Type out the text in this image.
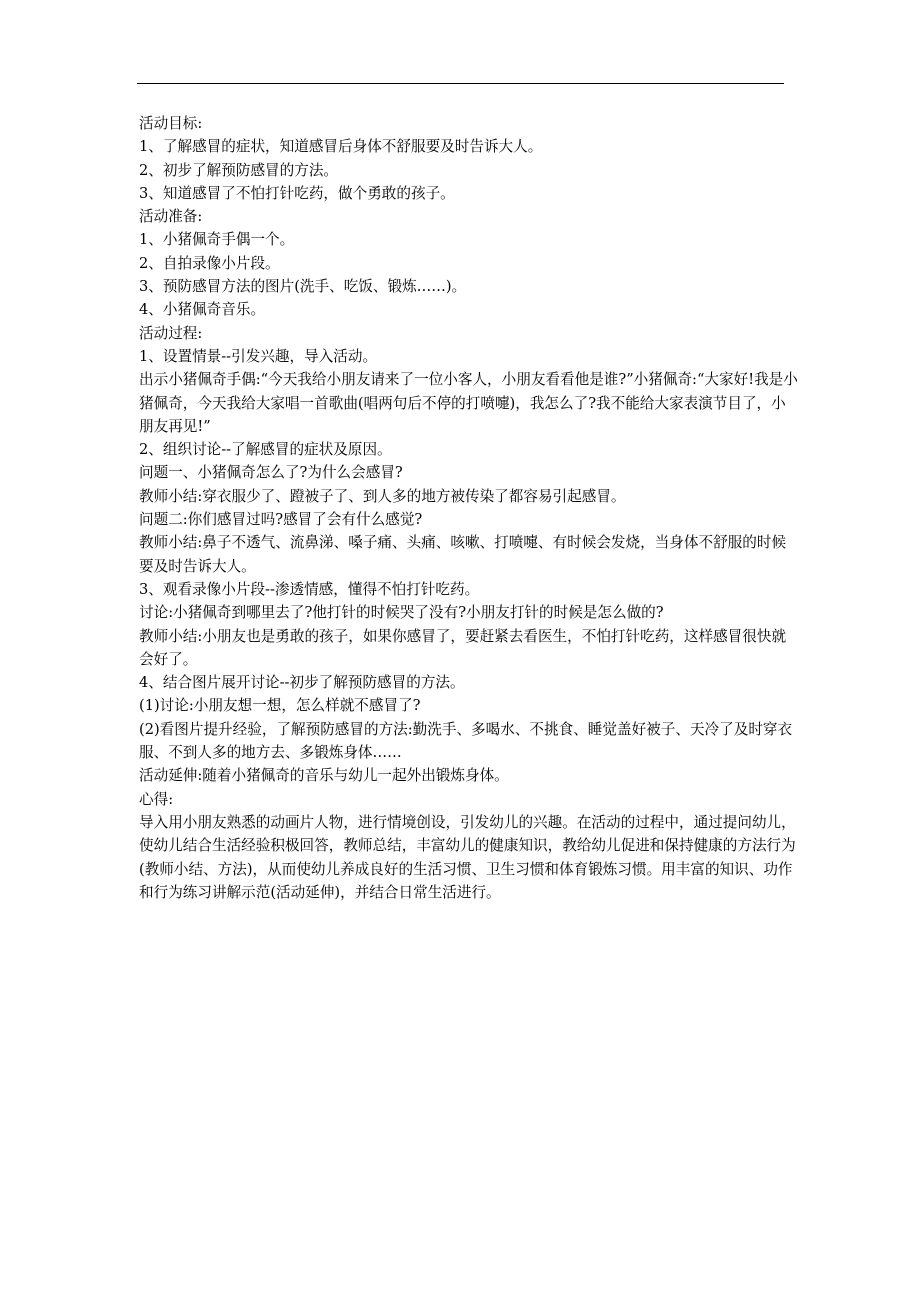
活动目标:

1、了解感冒的症状，知道感冒后身体不舒服要及时告诉大人。

2、初步了解预防感冒的方法。

3、知道感冒了不怕打针吃药，做个勇敢的孩子。

活动准备:

1、小猪佩奇手偶一个。

2、自拍录像小片段。

3、预防感冒方法的图片(洗手、吃饭、锻炼……)。

4、小猪佩奇音乐。

活动过程:

1、设置情景--引发兴趣，导入活动。

出示小猪佩奇手偶:“今天我给小朋友请来了一位小客人，小朋友看看他是谁?”小猪佩奇:“大家好!我是小猪佩奇，今天我给大家唱一首歌曲(唱两句后不停的打喷嚏)，我怎么了?我不能给大家表演节目了，小朋友再见!”

2、组织讨论--了解感冒的症状及原因。

问题一、小猪佩奇怎么了?为什么会感冒?

教师小结:穿衣服少了、蹬被子了、到人多的地方被传染了都容易引起感冒。

问题二:你们感冒过吗?感冒了会有什么感觉?

教师小结:鼻子不透气、流鼻涕、嗓子痛、头痛、咳嗽、打喷嚏、有时候会发烧，当身体不舒服的时候要及时告诉大人。

3、观看录像小片段--渗透情感，懂得不怕打针吃药。

讨论:小猪佩奇到哪里去了?他打针的时候哭了没有?小朋友打针的时候是怎么做的?

教师小结:小朋友也是勇敢的孩子，如果你感冒了，要赶紧去看医生，不怕打针吃药，这样感冒很快就会好了。

4、结合图片展开讨论--初步了解预防感冒的方法。

(1)讨论:小朋友想一想，怎么样就不感冒了?

(2)看图片提升经验，了解预防感冒的方法:勤洗手、多喝水、不挑食、睡觉盖好被子、天冷了及时穿衣服、不到人多的地方去、多锻炼身体……

活动延伸:随着小猪佩奇的音乐与幼儿一起外出锻炼身体。

心得:

导入用小朋友熟悉的动画片人物，进行情境创设，引发幼儿的兴趣。在活动的过程中，通过提问幼儿，使幼儿结合生活经验积极回答，教师总结，丰富幼儿的健康知识，教给幼儿促进和保持健康的方法行为(教师小结、方法)，从而使幼儿养成良好的生活习惯、卫生习惯和体育锻炼习惯。用丰富的知识、功作和行为练习讲解示范(活动延伸)，并结合日常生活进行。
